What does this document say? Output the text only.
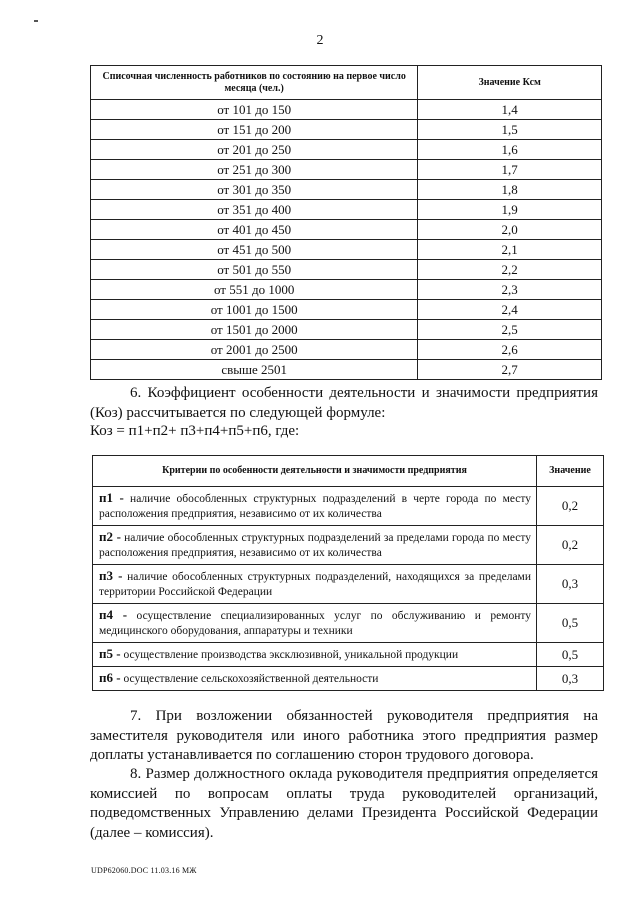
2
Списочная численность работников по состоянию на первое число месяца (чел.)	Значение Ксм
от 101 до 150	1,4
от 151 до 200	1,5
от 201 до 250	1,6
от 251 до 300	1,7
от 301 до 350	1,8
от 351 до 400	1,9
от 401 до 450	2,0
от 451 до 500	2,1
от 501 до 550	2,2
от 551 до 1000	2,3
от 1001 до 1500	2,4
от 1501 до 2000	2,5
от 2001 до 2500	2,6
свыше 2501	2,7
6. Коэффициент особенности деятельности и значимости предприятия (Коз) рассчитывается по следующей формуле:
Коз = п1+п2+ п3+п4+п5+п6, где:
Критерии по особенности деятельности и значимости предприятия	Значение
п1 - наличие обособленных структурных подразделений в черте города по месту расположения предприятия, независимо от их количества	0,2
п2 - наличие обособленных структурных подразделений за пределами города по месту расположения предприятия, независимо от их количества	0,2
п3 - наличие обособленных структурных подразделений, находящихся за пределами территории Российской Федерации	0,3
п4 - осуществление специализированных услуг по обслуживанию и ремонту медицинского оборудования, аппаратуры и техники	0,5
п5 - осуществление производства эксклюзивной, уникальной продукции	0,5
п6 - осуществление сельскохозяйственной деятельности	0,3
7. При возложении обязанностей руководителя предприятия на заместителя руководителя или иного работника этого предприятия размер доплаты устанавливается по соглашению сторон трудового договора.
8. Размер должностного оклада руководителя предприятия определяется комиссией по вопросам оплаты труда руководителей организаций, подведомственных Управлению делами Президента Российской Федерации (далее – комиссия).
UDP62060.DOC 11.03.16 МЖ
